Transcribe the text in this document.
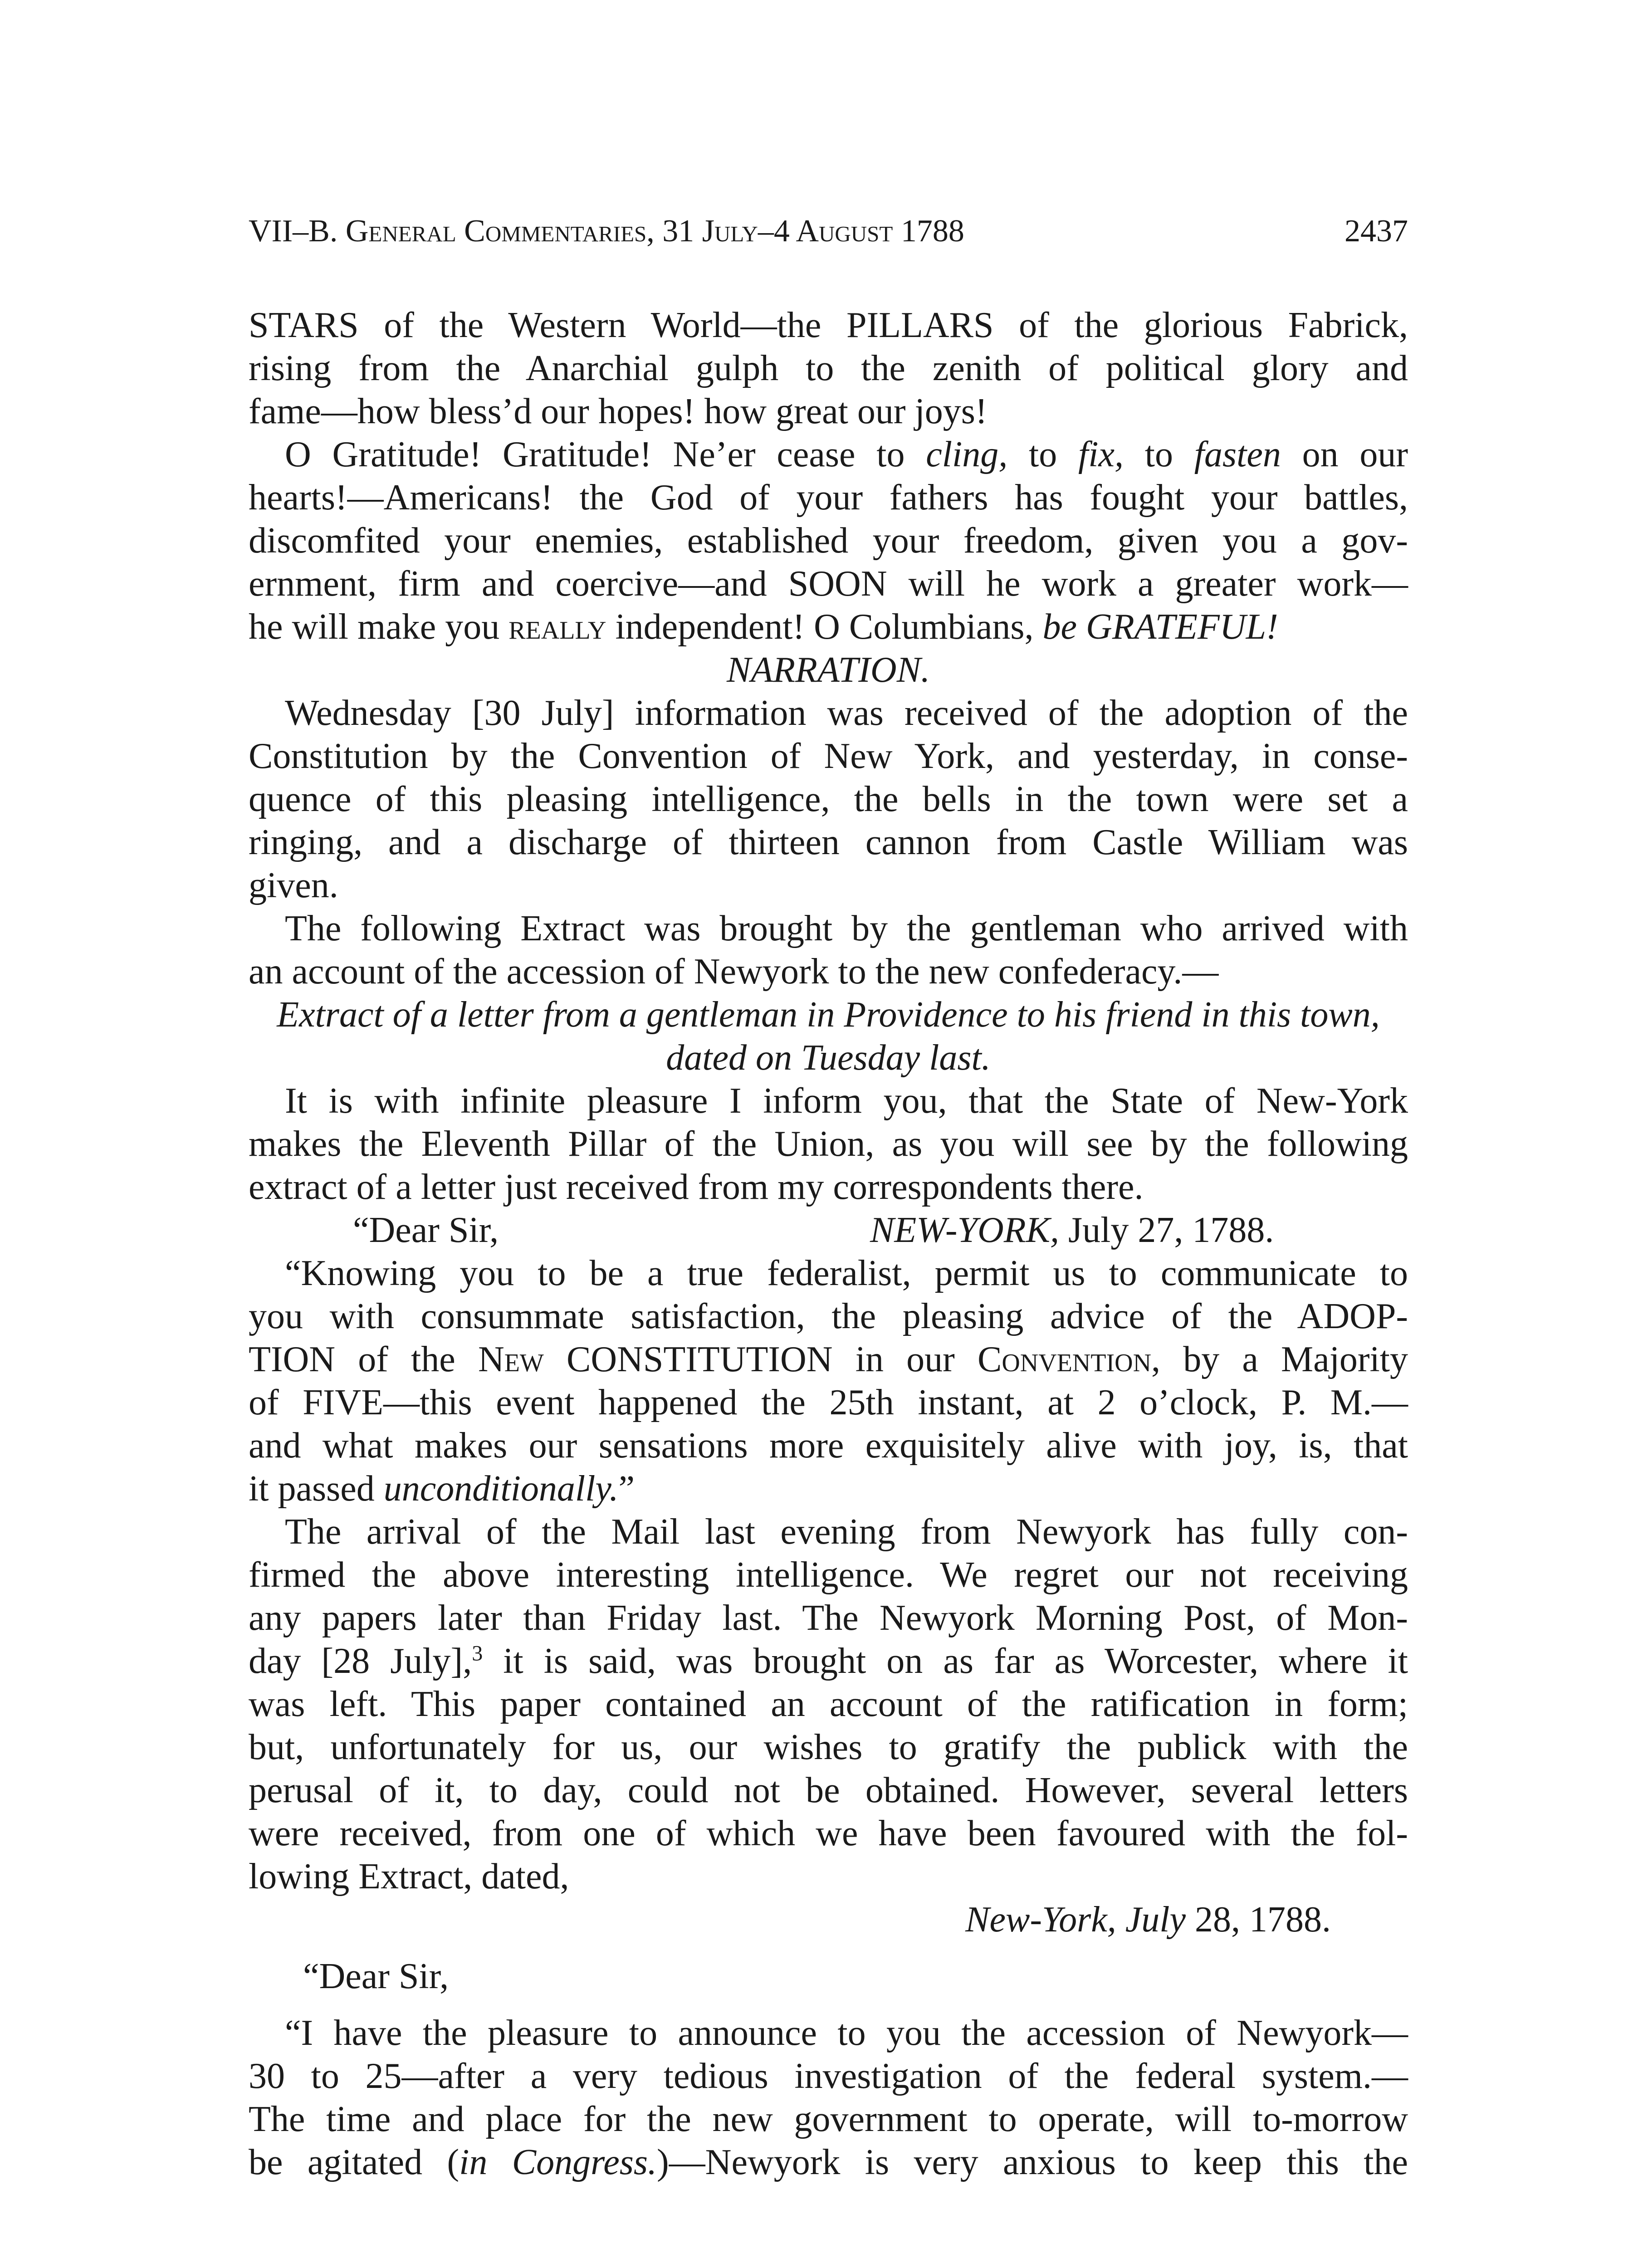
VII–B. General Commentaries, 31 July–4 August 1788	2437

STARS of the Western World—the PILLARS of the glorious Fabrick,

rising from the Anarchial gulph to the zenith of political glory and

fame—how bless’d our hopes! how great our joys!

O Gratitude! Gratitude! Ne’er cease to cling, to fix, to fasten on our

hearts!—Americans! the God of your fathers has fought your battles,

discomfited your enemies, established your freedom, given you a gov-

ernment, firm and coercive—and SOON will he work a greater work—

he will make you really independent! O Columbians, be GRATEFUL!

NARRATION.

Wednesday [30 July] information was received of the adoption of the

Constitution by the Convention of New York, and yesterday, in conse-

quence of this pleasing intelligence, the bells in the town were set a

ringing, and a discharge of thirteen cannon from Castle William was

given.

The following Extract was brought by the gentleman who arrived with

an account of the accession of Newyork to the new confederacy.—

Extract of a letter from a gentleman in Providence to his friend in this town,

dated on Tuesday last.

It is with infinite pleasure I inform you, that the State of New-York

makes the Eleventh Pillar of the Union, as you will see by the following

extract of a letter just received from my correspondents there.

“Dear Sir,	NEW-YORK, July 27, 1788.

“Knowing you to be a true federalist, permit us to communicate to

you with consummate satisfaction, the pleasing advice of the ADOP-

TION of the New CONSTITUTION in our Convention, by a Majority

of FIVE—this event happened the 25th instant, at 2 o’clock, P. M.—

and what makes our sensations more exquisitely alive with joy, is, that

it passed unconditionally.”

The arrival of the Mail last evening from Newyork has fully con-

firmed the above interesting intelligence. We regret our not receiving

any papers later than Friday last. The Newyork Morning Post, of Mon-

day [28 July],$^3$ it is said, was brought on as far as Worcester, where it

was left. This paper contained an account of the ratification in form;

but, unfortunately for us, our wishes to gratify the publick with the

perusal of it, to day, could not be obtained. However, several letters

were received, from one of which we have been favoured with the fol-

lowing Extract, dated,

New-York, July 28, 1788.

“Dear Sir,

“I have the pleasure to announce to you the accession of Newyork—

30 to 25—after a very tedious investigation of the federal system.—

The time and place for the new government to operate, will to-morrow

be agitated (in Congress.)—Newyork is very anxious to keep this the
